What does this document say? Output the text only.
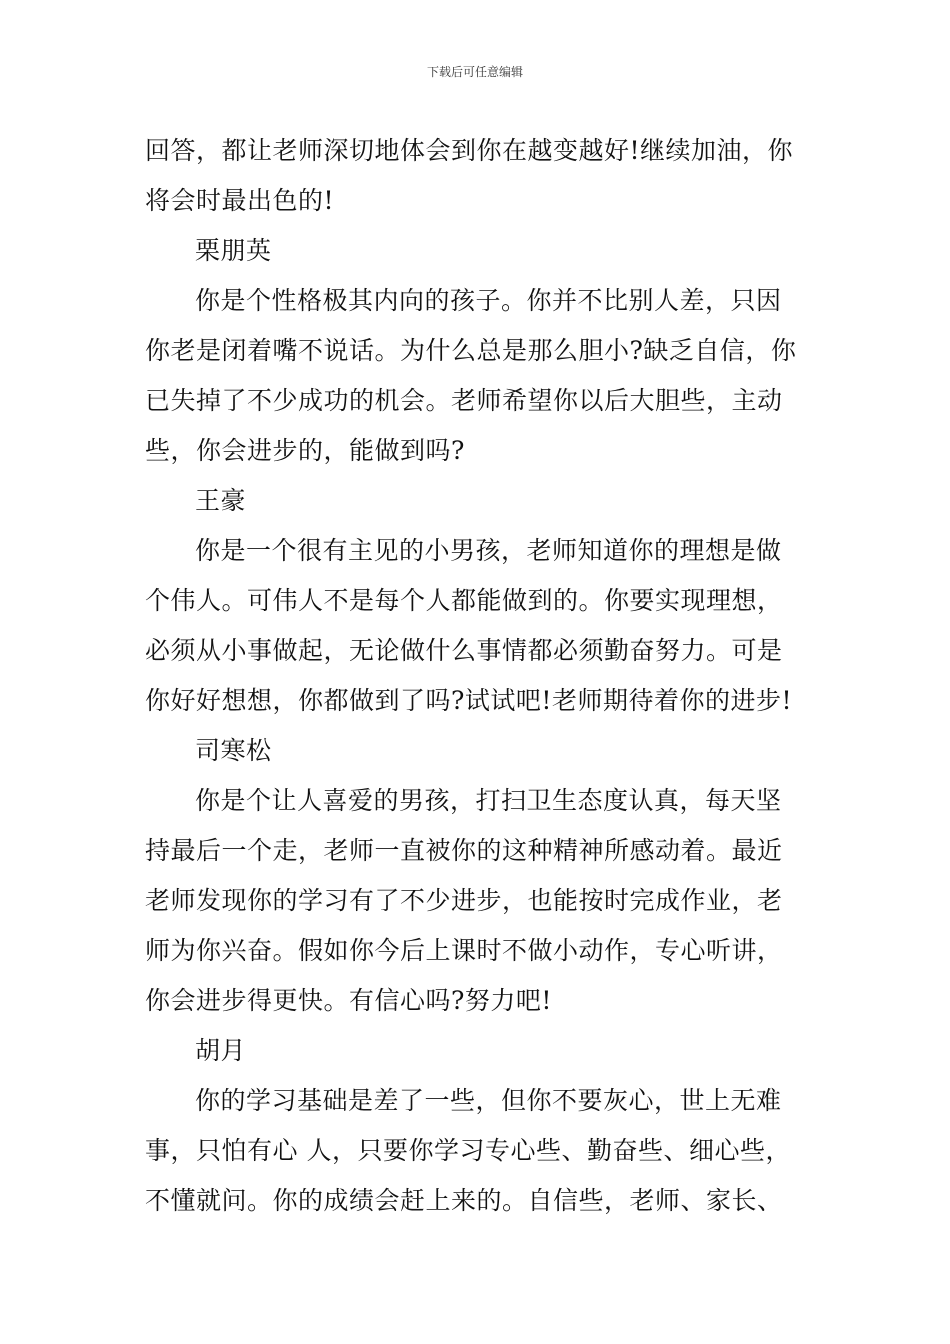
下载后可任意编辑

回答，都让老师深切地体会到你在越变越好!继续加油，你
将会时最出色的!

栗朋英

你是个性格极其内向的孩子。你并不比别人差，只因
你老是闭着嘴不说话。为什么总是那么胆小?缺乏自信，你
已失掉了不少成功的机会。老师希望你以后大胆些，主动
些，你会进步的，能做到吗?

王豪

你是一个很有主见的小男孩，老师知道你的理想是做
个伟人。可伟人不是每个人都能做到的。你要实现理想，
必须从小事做起，无论做什么事情都必须勤奋努力。可是
你好好想想，你都做到了吗?试试吧!老师期待着你的进步!

司寒松

你是个让人喜爱的男孩，打扫卫生态度认真，每天坚
持最后一个走，老师一直被你的这种精神所感动着。最近
老师发现你的学习有了不少进步，也能按时完成作业，老
师为你兴奋。假如你今后上课时不做小动作，专心听讲，
你会进步得更快。有信心吗?努力吧!

胡月

你的学习基础是差了一些，但你不要灰心，世上无难
事，只怕有心 人，只要你学习专心些、勤奋些、细心些，
不懂就问。你的成绩会赶上来的。自信些，老师、家长、
